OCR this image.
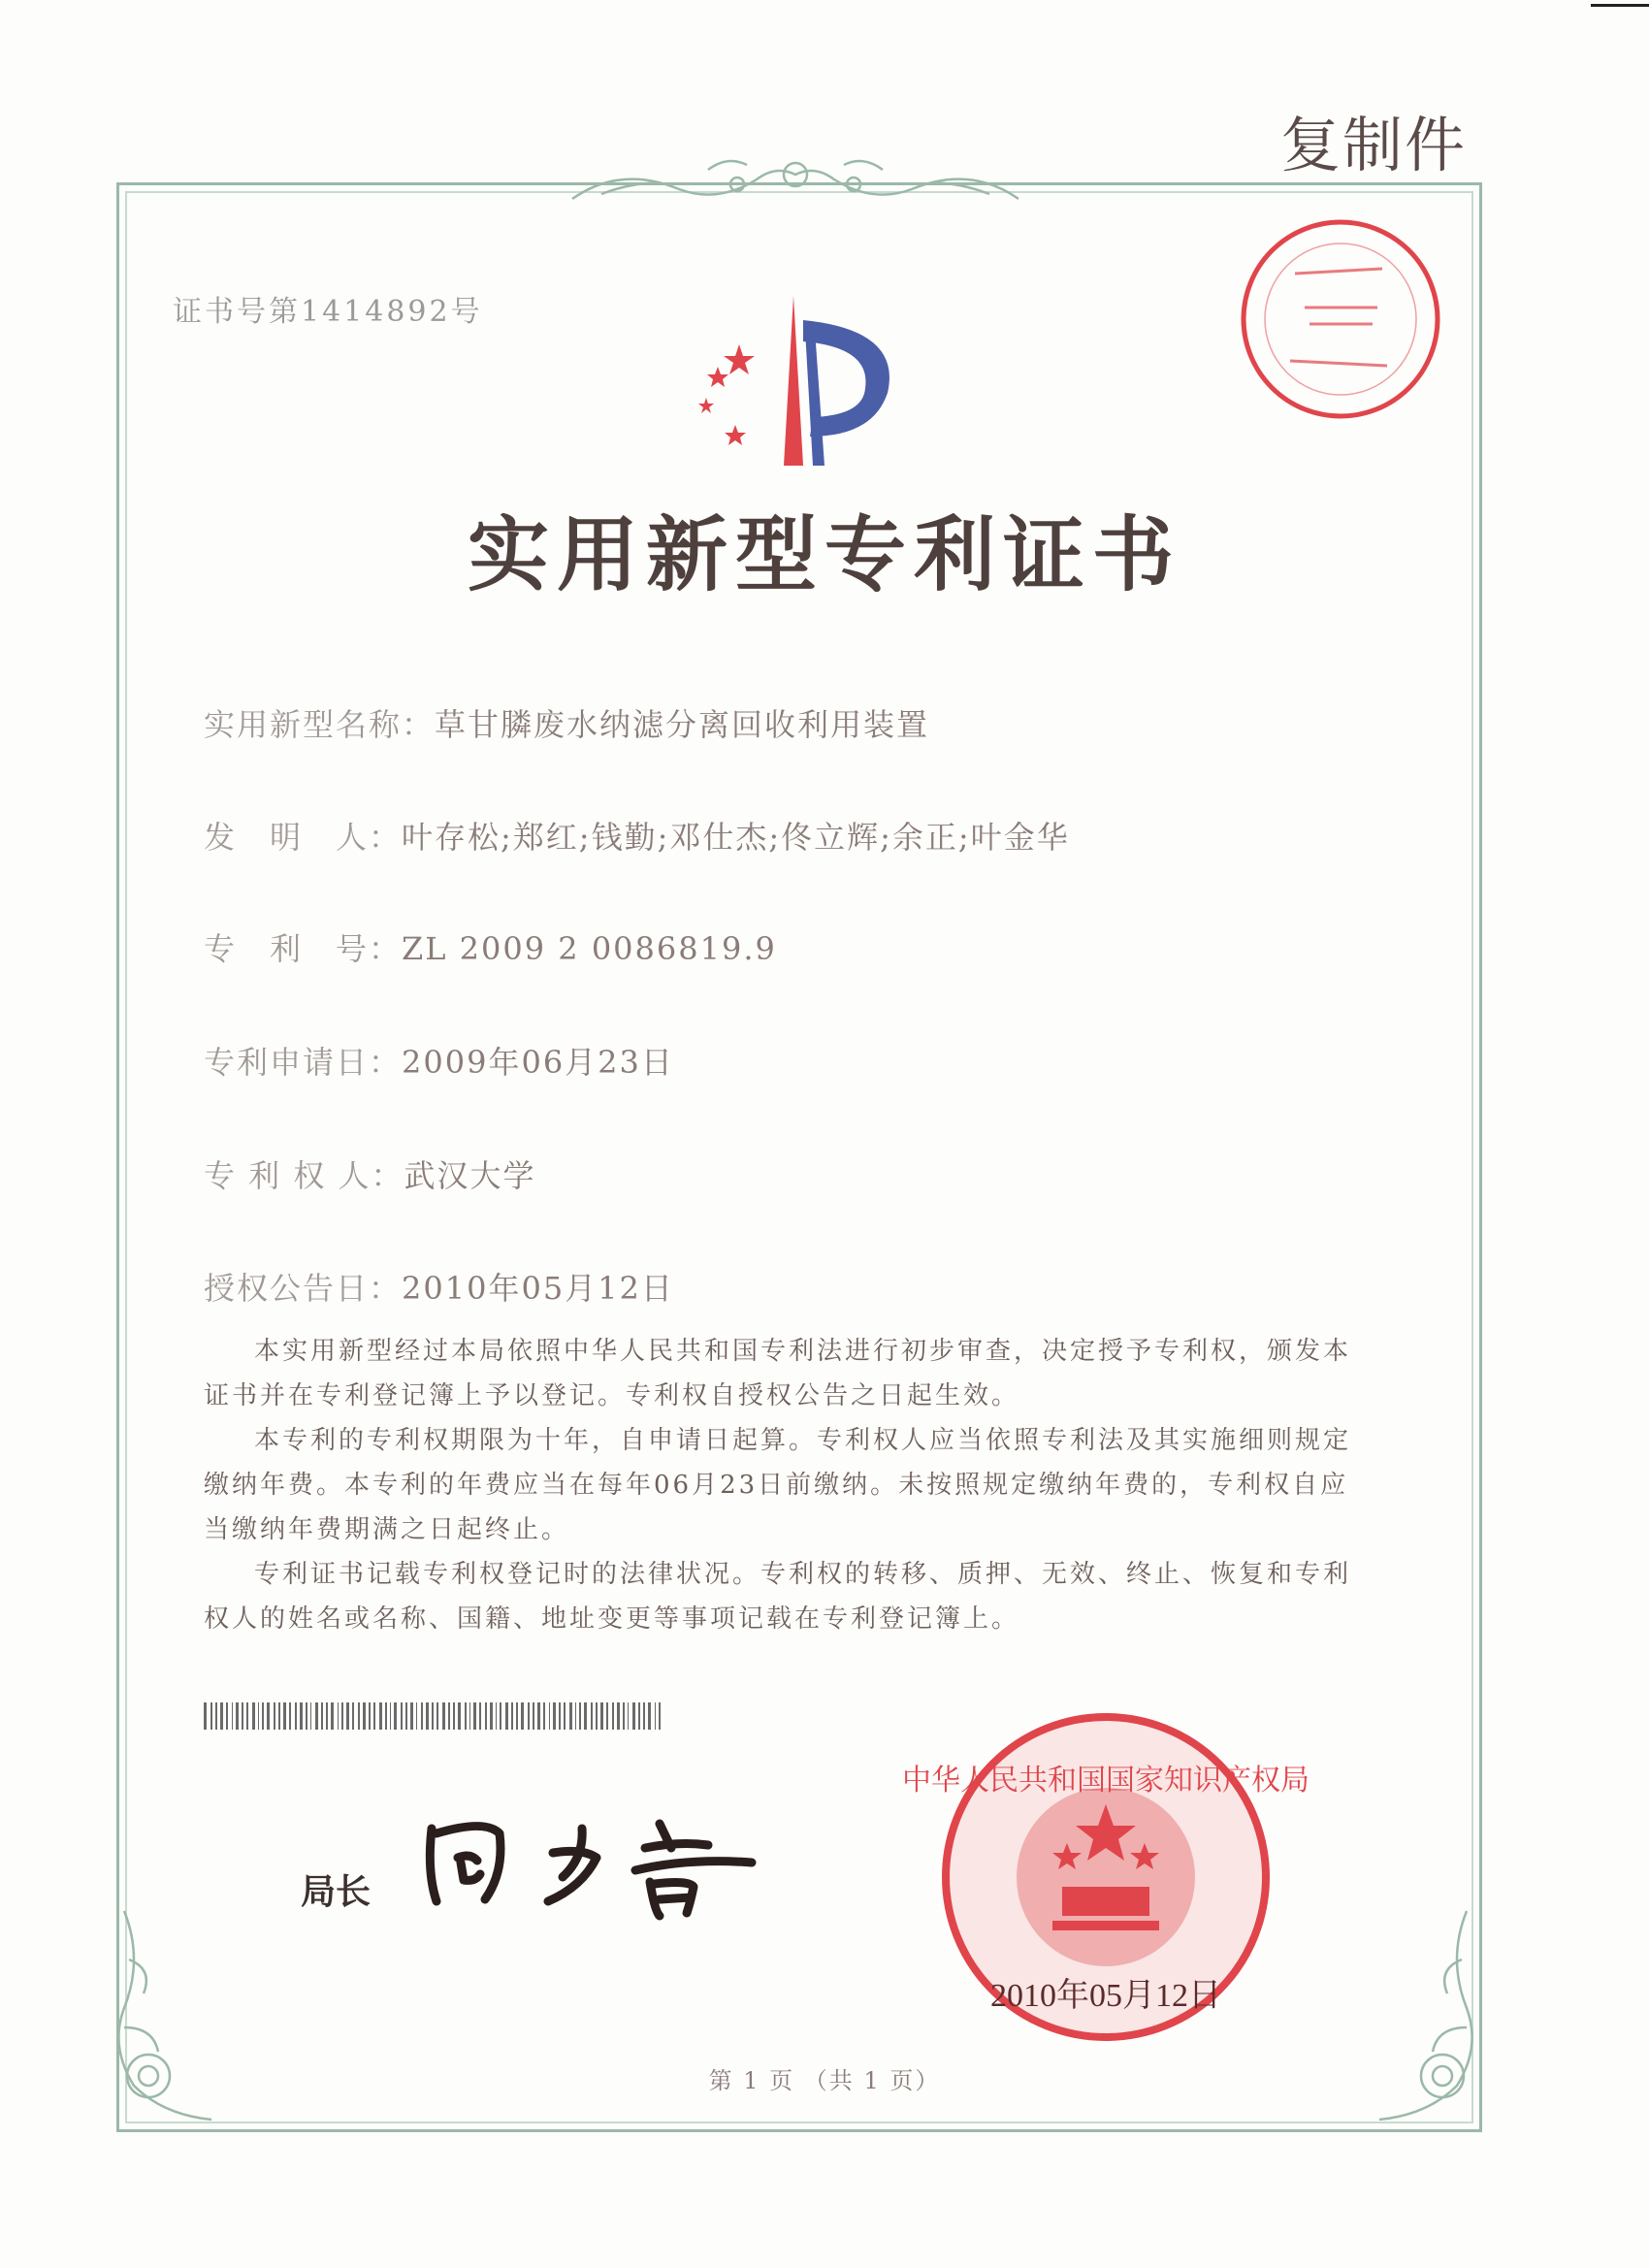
复制件
证书号第1414892号
实用新型专利证书
实用新型名称：草甘膦废水纳滤分离回收利用装置
发　明　人：叶存松;郑红;钱勤;邓仕杰;佟立辉;余正;叶金华
专　利　号：ZL 2009 2 0086819.9
专利申请日：2009年06月23日
专 利 权 人：武汉大学
授权公告日：2010年05月12日

本实用新型经过本局依照中华人民共和国专利法进行初步审查，决定授予专利权，颁发本证书并在专利登记簿上予以登记。专利权自授权公告之日起生效。

本专利的专利权期限为十年，自申请日起算。专利权人应当依照专利法及其实施细则规定缴纳年费。本专利的年费应当在每年06月23日前缴纳。未按照规定缴纳年费的，专利权自应当缴纳年费期满之日起终止。

专利证书记载专利权登记时的法律状况。专利权的转移、质押、无效、终止、恢复和专利权人的姓名或名称、国籍、地址变更等事项记载在专利登记簿上。

局长
中华人民共和国国家知识产权局
2010年05月12日
第 1 页 （共 1 页）
